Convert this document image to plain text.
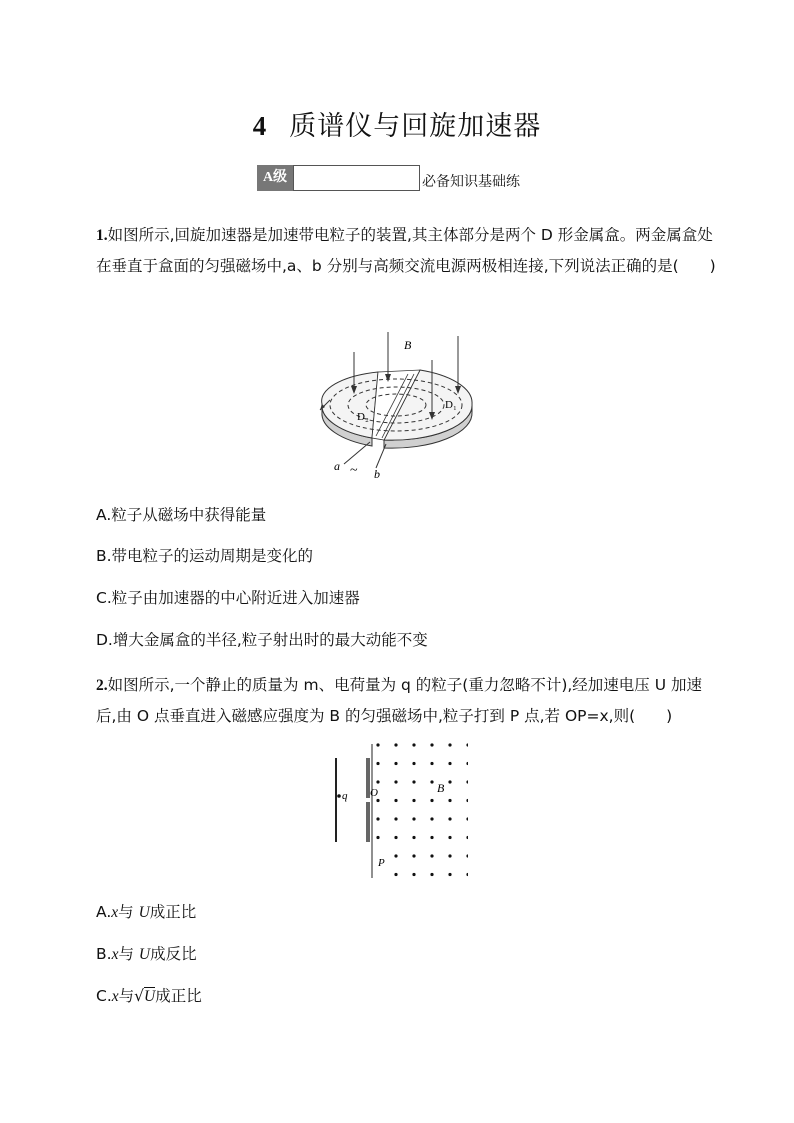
4 质谱仪与回旋加速器
A级	必备知识基础练
1.如图所示,回旋加速器是加速带电粒子的装置,其主体部分是两个 D 形金属盒。两金属盒处在垂直于盒面的匀强磁场中,a、b 分别与高频交流电源两极相连接,下列说法正确的是(　　)
B
D₁
D₂
a
b
~
A.粒子从磁场中获得能量
B.带电粒子的运动周期是变化的
C.粒子由加速器的中心附近进入加速器
D.增大金属盒的半径,粒子射出时的最大动能不变
2.如图所示,一个静止的质量为 m、电荷量为 q 的粒子(重力忽略不计),经加速电压 U 加速后,由 O 点垂直进入磁感应强度为 B 的匀强磁场中,粒子打到 P 点,若 OP=x,则(　　)
q O	B
P
A.x与 U成正比
B.x与 U成反比
C.x与√U成正比
